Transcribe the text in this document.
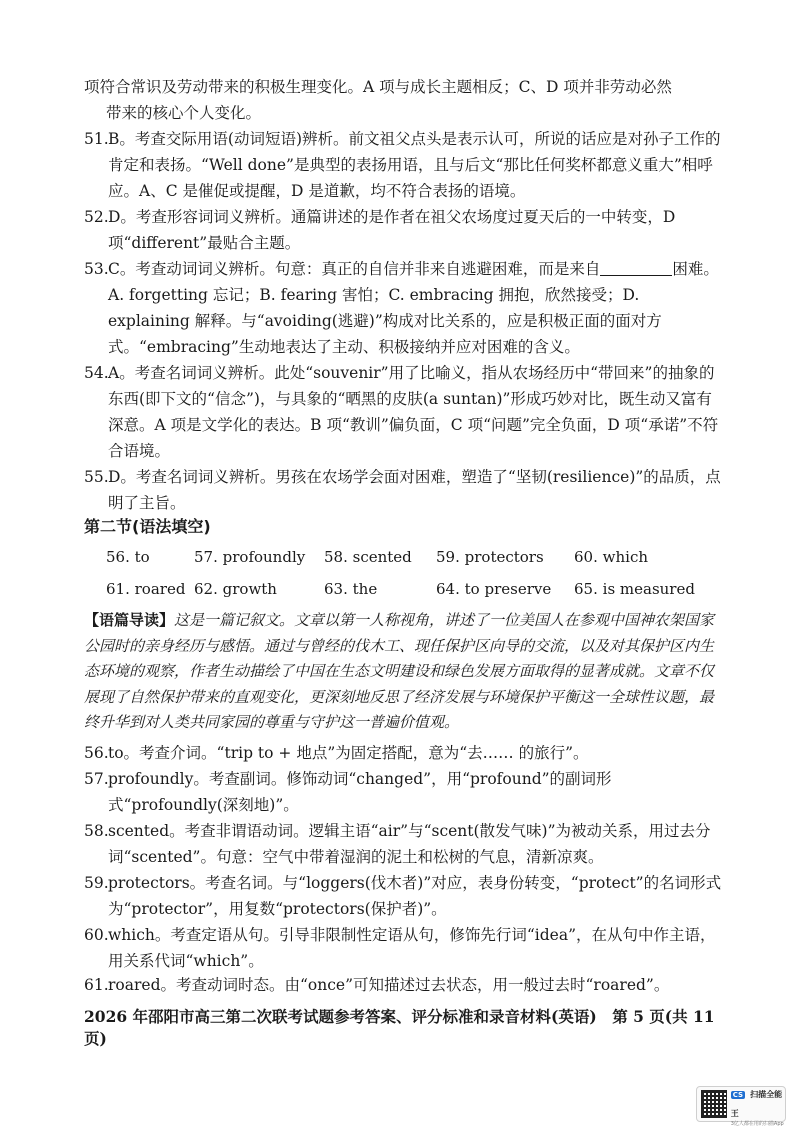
项符合常识及劳动带来的积极生理变化。A 项与成长主题相反；C、D 项并非劳动必然

带来的核心个人变化。

51. B。考查交际用语(动词短语)辨析。前文祖父点头是表示认可，所说的话应是对孙子工作的肯定和表扬。“Well done”是典型的表扬用语，且与后文“那比任何奖杯都意义重大”相呼应。A、C 是催促或提醒，D 是道歉，均不符合表扬的语境。
52. D。考查形容词词义辨析。通篇讲述的是作者在祖父农场度过夏天后的一中转变，D 项“different”最贴合主题。
53. C。考查动词词义辨析。句意：真正的自信并非来自逃避困难，而是来自	困难。A. forgetting 忘记；B. fearing 害怕；C. embracing 拥抱，欣然接受；D. explaining 解释。与“avoiding(逃避)”构成对比关系的，应是积极正面的面对方式。“embracing”生动地表达了主动、积极接纳并应对困难的含义。
54. A。考查名词词义辨析。此处“souvenir”用了比喻义，指从农场经历中“带回来”的抽象的东西(即下文的“信念”)，与具象的“晒黑的皮肤(a suntan)”形成巧妙对比，既生动又富有深意。A 项是文学化的表达。B 项“教训”偏负面，C 项“问题”完全负面，D 项“承诺”不符合语境。
55. D。考查名词词义辨析。男孩在农场学会面对困难，塑造了“坚韧(resilience)”的品质，点明了主旨。

第二节(语法填空)

56. to	57. profoundly 58. scented 59. protectors 60. which
61. roared 62. growth	63. the	64. to preserve 65. is measured

【语篇导读】这是一篇记叙文。文章以第一人称视角，讲述了一位美国人在参观中国神农架国家公园时的亲身经历与感悟。通过与曾经的伐木工、现任保护区向导的交流，以及对其保护区内生态环境的观察，作者生动描绘了中国在生态文明建设和绿色发展方面取得的显著成就。文章不仅展现了自然保护带来的直观变化，更深刻地反思了经济发展与环境保护平衡这一全球性议题，最终升华到对人类共同家园的尊重与守护这一普遍价值观。

56. to。考查介词。“trip to + 地点”为固定搭配，意为“去…… 的旅行”。
57. profoundly。考查副词。修饰动词“changed”，用“profound”的副词形式“profoundly(深刻地)”。
58. scented。考查非谓语动词。逻辑主语“air”与“scent(散发气味)”为被动关系，用过去分词“scented”。句意：空气中带着湿润的泥土和松树的气息，清新凉爽。
59. protectors。考查名词。与“loggers(伐木者)”对应，表身份转变，“protect”的名词形式为“protector”，用复数“protectors(保护者)”。
60. which。考查定语从句。引导非限制性定语从句，修饰先行词“idea”，在从句中作主语，用关系代词“which”。
61. roared。考查动词时态。由“once”可知描述过去状态，用一般过去时“roared”。

2026 年邵阳市高三第二次联考试题参考答案、评分标准和录音材料(英语)　第 5 页(共 11 页)

CS 扫描全能王
3亿人都在用的扫描App
